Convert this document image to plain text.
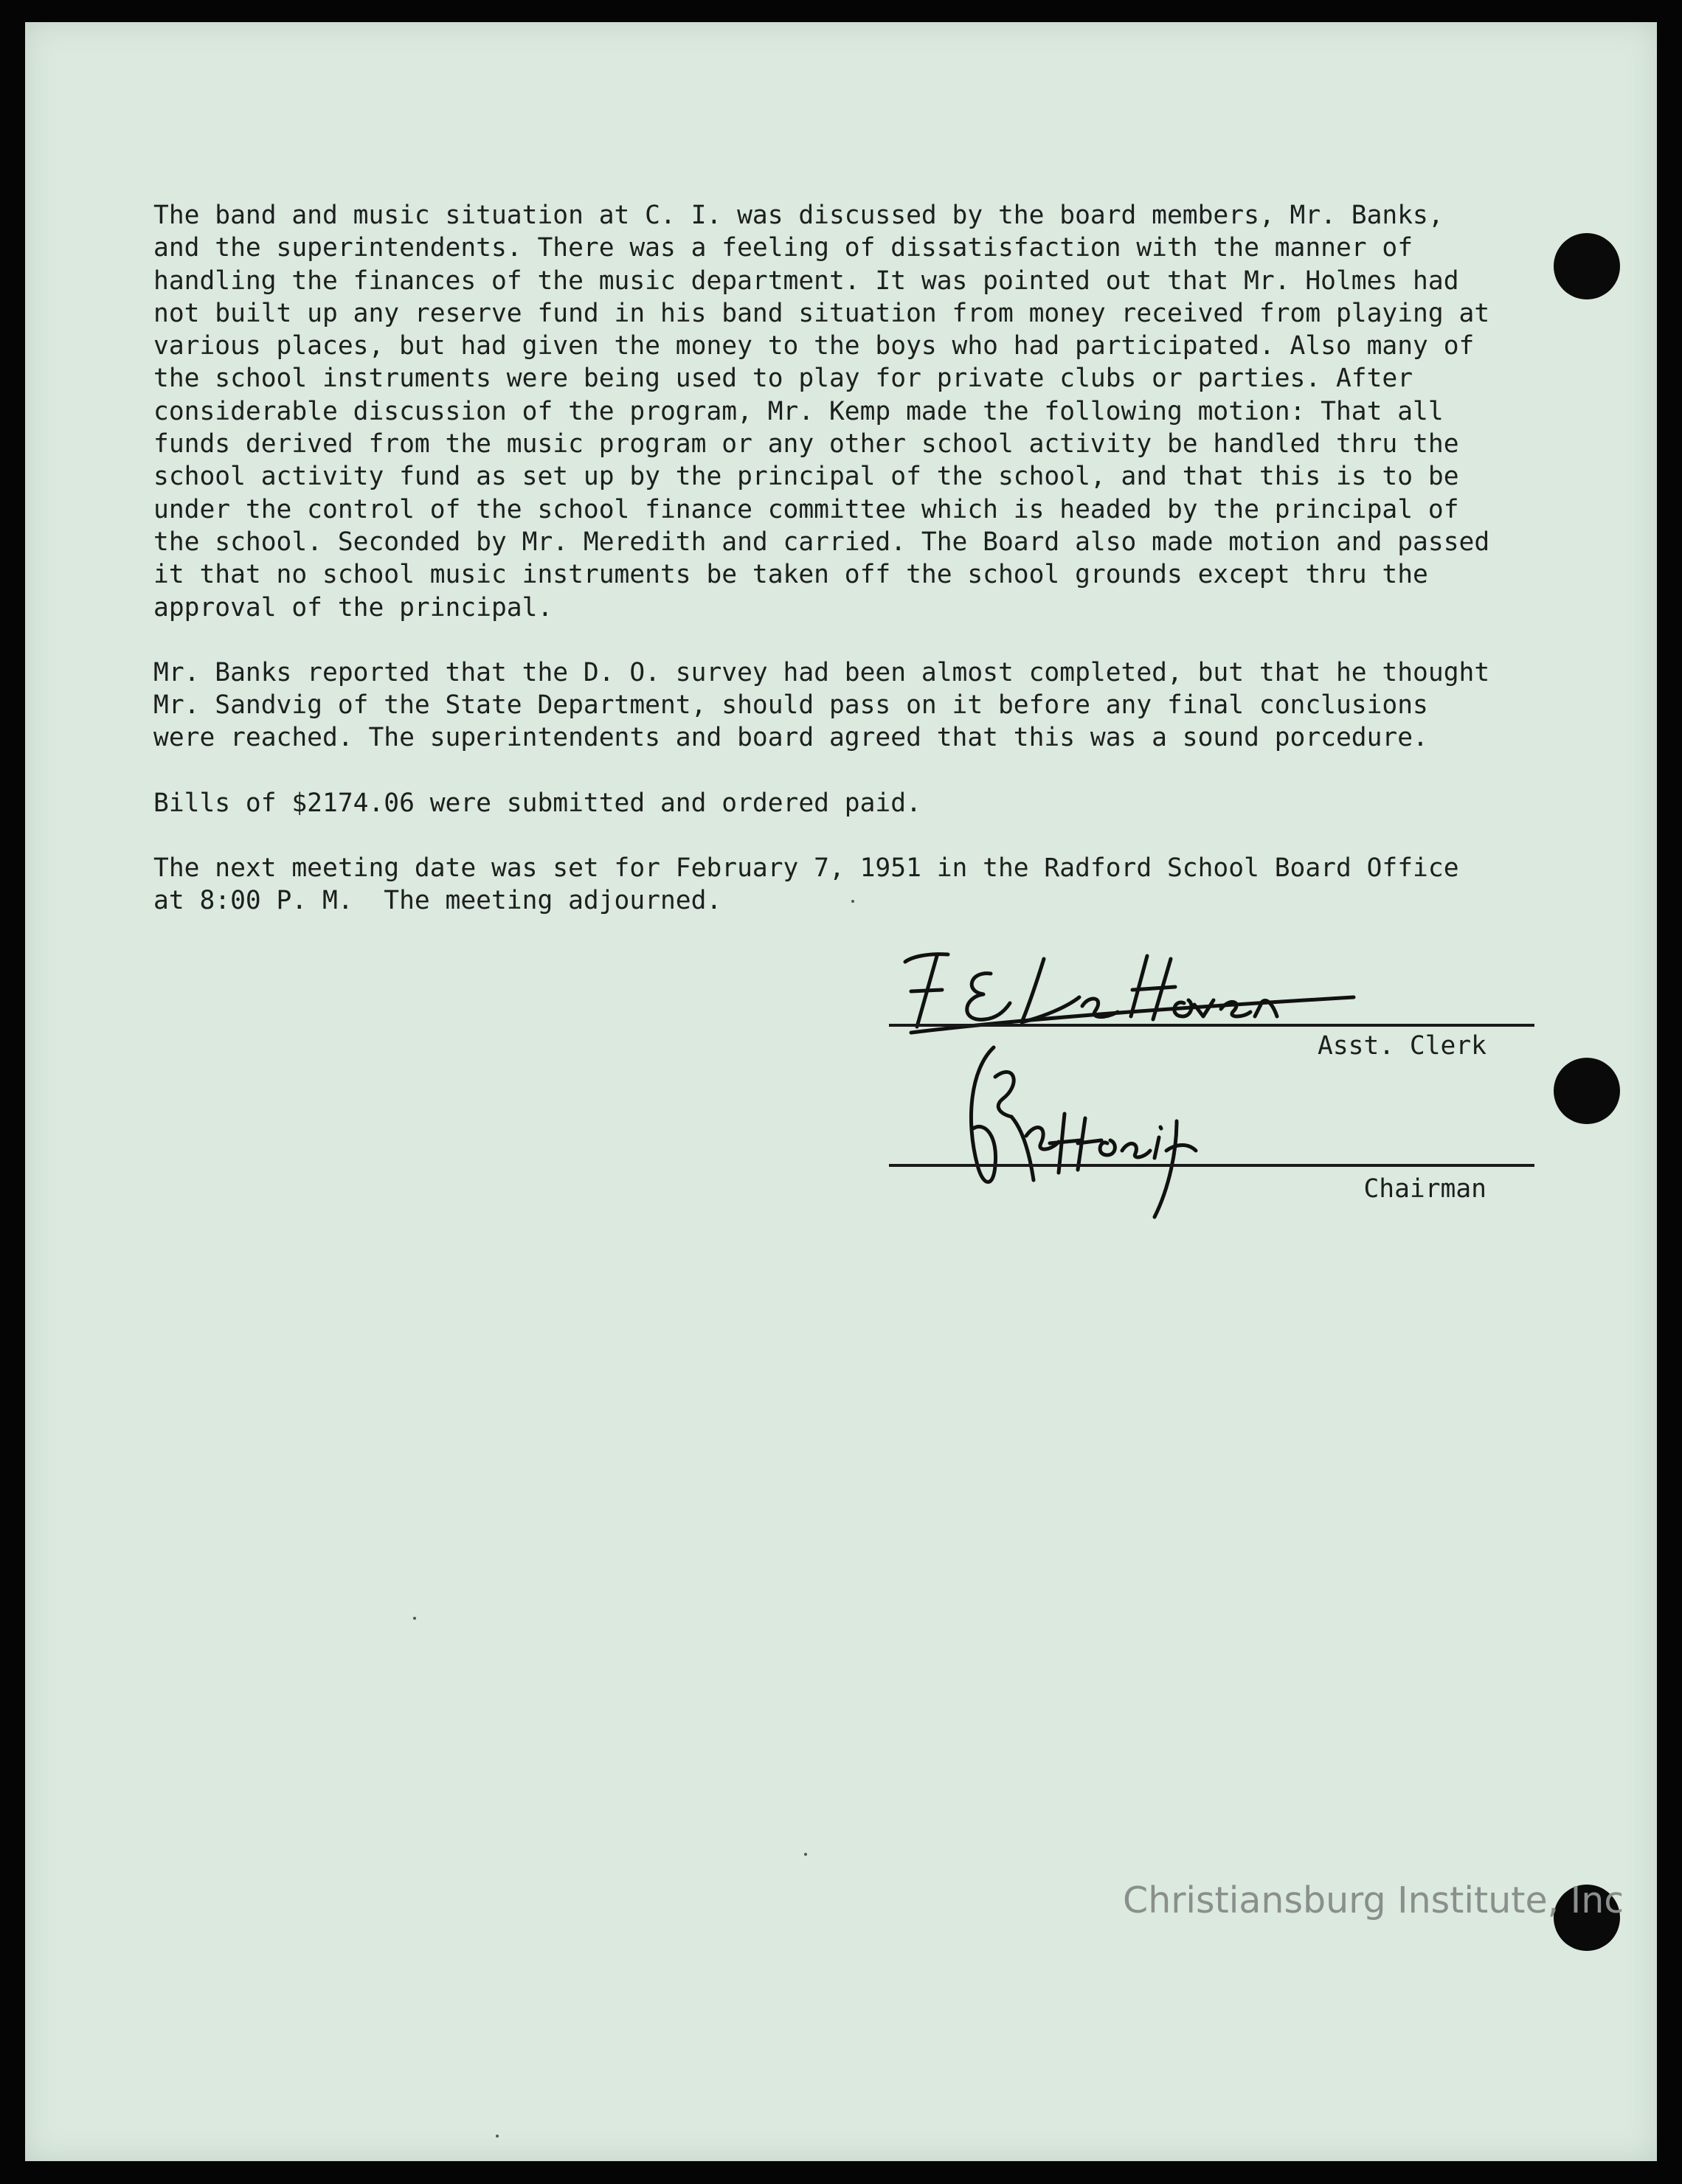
The band and music situation at C. I. was discussed by the board members, Mr. Banks,
and the superintendents. There was a feeling of dissatisfaction with the manner of
handling the finances of the music department. It was pointed out that Mr. Holmes had
not built up any reserve fund in his band situation from money received from playing at
various places, but had given the money to the boys who had participated. Also many of
the school instruments were being used to play for private clubs or parties. After
considerable discussion of the program, Mr. Kemp made the following motion: That all
funds derived from the music program or any other school activity be handled thru the
school activity fund as set up by the principal of the school, and that this is to be
under the control of the school finance committee which is headed by the principal of
the school. Seconded by Mr. Meredith and carried. The Board also made motion and passed
it that no school music instruments be taken off the school grounds except thru the
approval of the principal.
Mr. Banks reported that the D. O. survey had been almost completed, but that he thought
Mr. Sandvig of the State Department, should pass on it before any final conclusions
were reached. The superintendents and board agreed that this was a sound porcedure.
Bills of $2174.06 were submitted and ordered paid.
The next meeting date was set for February 7, 1951 in the Radford School Board Office
at 8:00 P. M.  The meeting adjourned.
Asst. Clerk
Chairman
Christiansburg Institute, Inc
